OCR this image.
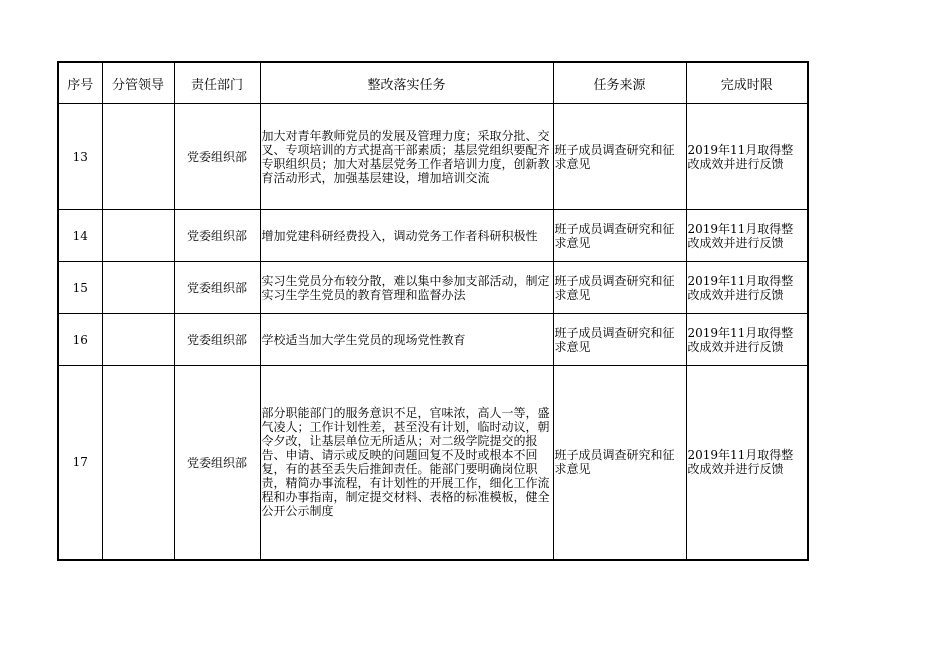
序号	分管领导	责任部门	整改落实任务	任务来源	完成时限
13		党委组织部	加大对青年教师党员的发展及管理力度；采取分批、交叉、专项培训的方式提高干部素质；基层党组织要配齐专职组织员；加大对基层党务工作者培训力度，创新教育活动形式，加强基层建设，增加培训交流	班子成员调查研究和征求意见	2019年11月取得整改成效并进行反馈

14		党委组织部	增加党建科研经费投入，调动党务工作者科研积极性	班子成员调查研究和征求意见	2019年11月取得整改成效并进行反馈

15		党委组织部	实习生党员分布较分散，难以集中参加支部活动，制定实习生学生党员的教育管理和监督办法	班子成员调查研究和征求意见	2019年11月取得整改成效并进行反馈

16		党委组织部	学校适当加大学生党员的现场党性教育	班子成员调查研究和征求意见	2019年11月取得整改成效并进行反馈

17		党委组织部	部分职能部门的服务意识不足，官味浓，高人一等，盛气凌人；工作计划性差，甚至没有计划，临时动议，朝令夕改，让基层单位无所适从；对二级学院提交的报告、申请、请示或反映的问题回复不及时或根本不回复，有的甚至丢失后推卸责任。能部门要明确岗位职责，精简办事流程，有计划性的开展工作，细化工作流程和办事指南，制定提交材料、表格的标准模板，健全公开公示制度	班子成员调查研究和征求意见	2019年11月取得整改成效并进行反馈
